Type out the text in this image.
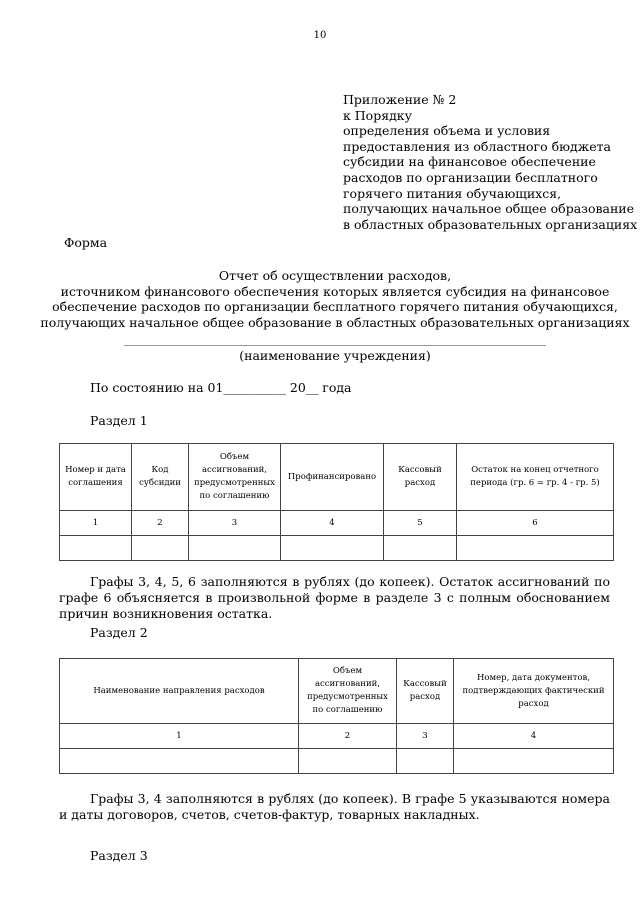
10
Приложение № 2
к Порядку
определения объема и условия
предоставления из областного бюджета
субсидии на финансовое обеспечение
расходов по организации бесплатного
горячего питания обучающихся,
получающих начальное общее образование
в областных образовательных организациях
Форма
Отчет об осуществлении расходов,
источником финансового обеспечения которых является субсидия на финансовое
обеспечение расходов по организации бесплатного горячего питания обучающихся,
получающих начальное общее образование в областных образовательных организациях
(наименование учреждения)
По состоянию на 01__________ 20__ года
Раздел 1
Номер и дата соглашения	Код субсидии	Объем ассигнований, предусмотренных по соглашению	Профинансировано	Кассовый расход	Остаток на конец отчетного периода (гр. 6 = гр. 4 - гр. 5)
1	2	3	4	5	6

Графы 3, 4, 5, 6 заполняются в рублях (до копеек). Остаток ассигнований по графе 6 объясняется в произвольной форме в разделе 3 с полным обоснованием причин возникновения остатка.
Раздел 2
Наименование направления расходов	Объем ассигнований, предусмотренных по соглашению	Кассовый расход	Номер, дата документов, подтверждающих фактический расход
1	2	3	4

Графы 3, 4 заполняются в рублях (до копеек). В графе 5 указываются номера и даты договоров, счетов, счетов-фактур, товарных накладных.
Раздел 3
